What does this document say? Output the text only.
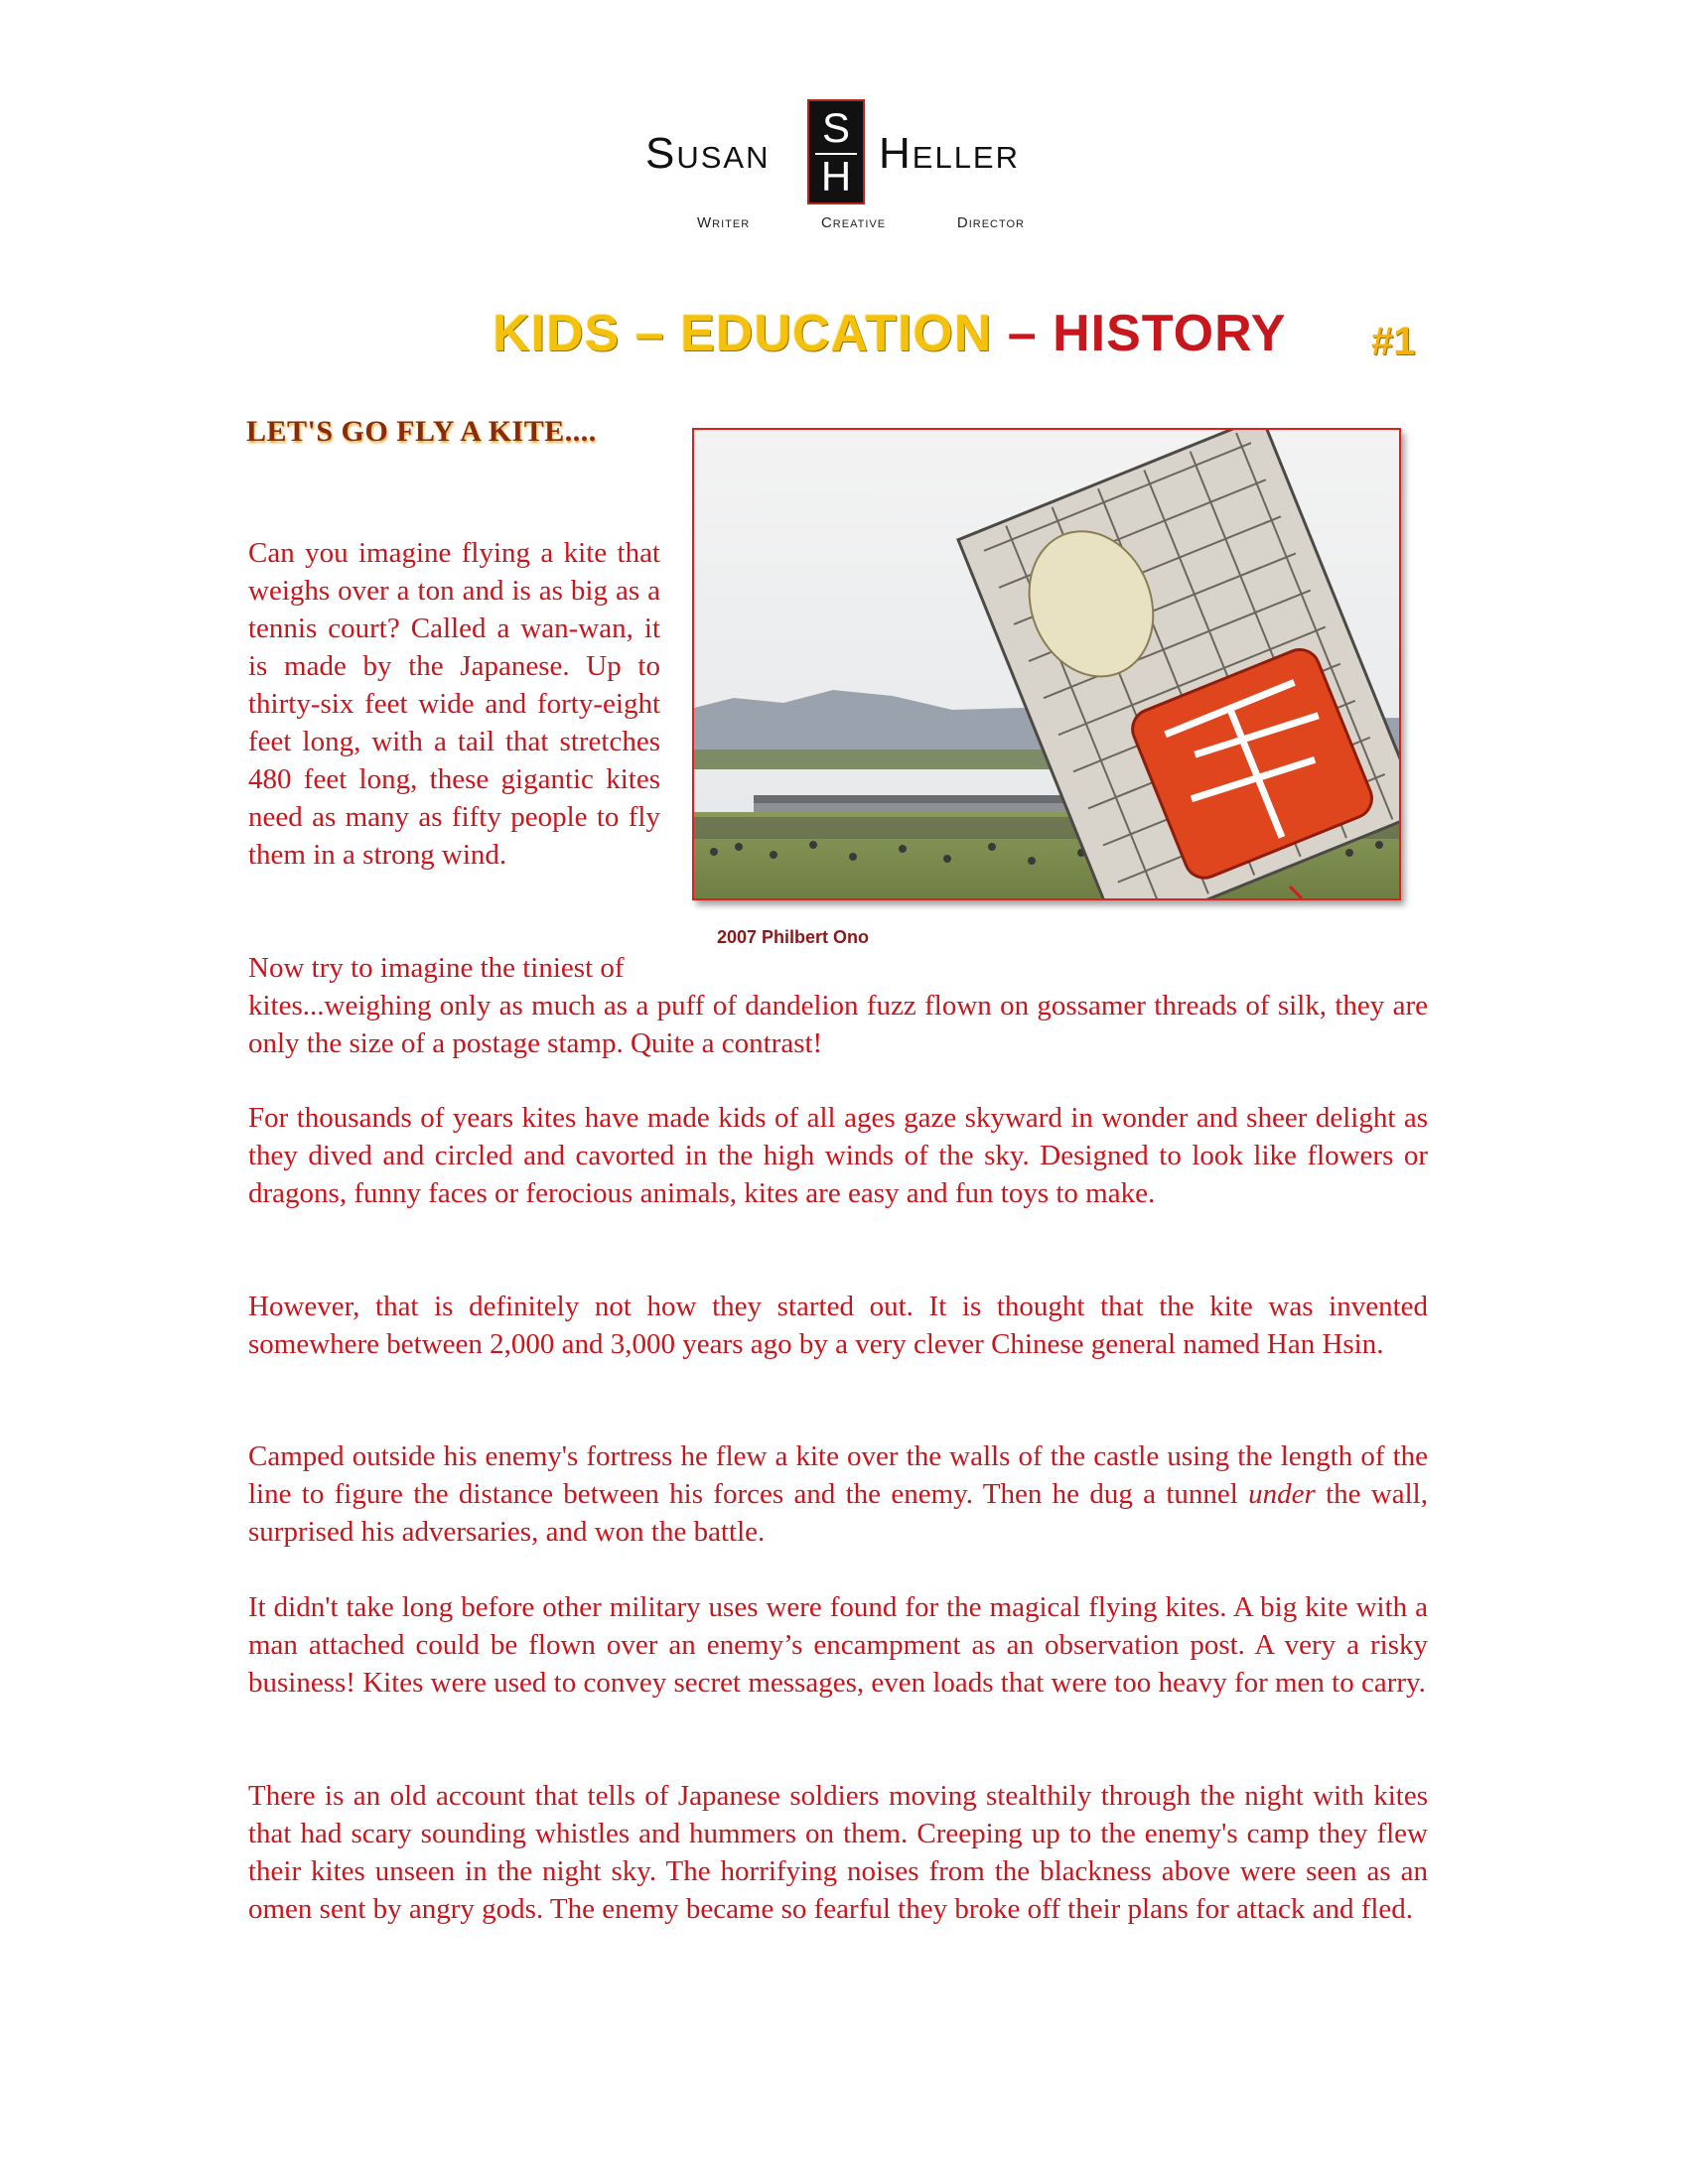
Susan
S
H Heller
Writer	Creative	Director
KIDS – EDUCATION – HISTORY #1
LET'S GO FLY A KITE....
2007 Philbert Ono

Can you imagine flying a kite that weighs over a ton and is as big as a tennis court? Called a wan-wan, it is made by the Japanese. Up to thirty-six feet wide and forty-eight feet long, with a tail that stretches 480 feet long, these gigantic kites need as many as fifty people to fly them in a strong wind.

Now try to imagine the tiniest of

kites...weighing only as much as a puff of dandelion fuzz flown on gossamer threads of silk, they are only the size of a postage stamp. Quite a contrast!

For thousands of years kites have made kids of all ages gaze skyward in wonder and sheer delight as they dived and circled and cavorted in the high winds of the sky. Designed to look like flowers or dragons, funny faces or ferocious animals, kites are easy and fun toys to make.

However, that is definitely not how they started out. It is thought that the kite was invented somewhere between 2,000 and 3,000 years ago by a very clever Chinese general named Han Hsin.

Camped outside his enemy's fortress he flew a kite over the walls of the castle using the length of the line to figure the distance between his forces and the enemy. Then he dug a tunnel under the wall, surprised his adversaries, and won the battle.

It didn't take long before other military uses were found for the magical flying kites. A big kite with a man attached could be flown over an enemy’s encampment as an observation post. A very a risky business! Kites were used to convey secret messages, even loads that were too heavy for men to carry.

There is an old account that tells of Japanese soldiers moving stealthily through the night with kites that had scary sounding whistles and hummers on them. Creeping up to the enemy's camp they flew their kites unseen in the night sky. The horrifying noises from the blackness above were seen as an omen sent by angry gods. The enemy became so fearful they broke off their plans for attack and fled.
